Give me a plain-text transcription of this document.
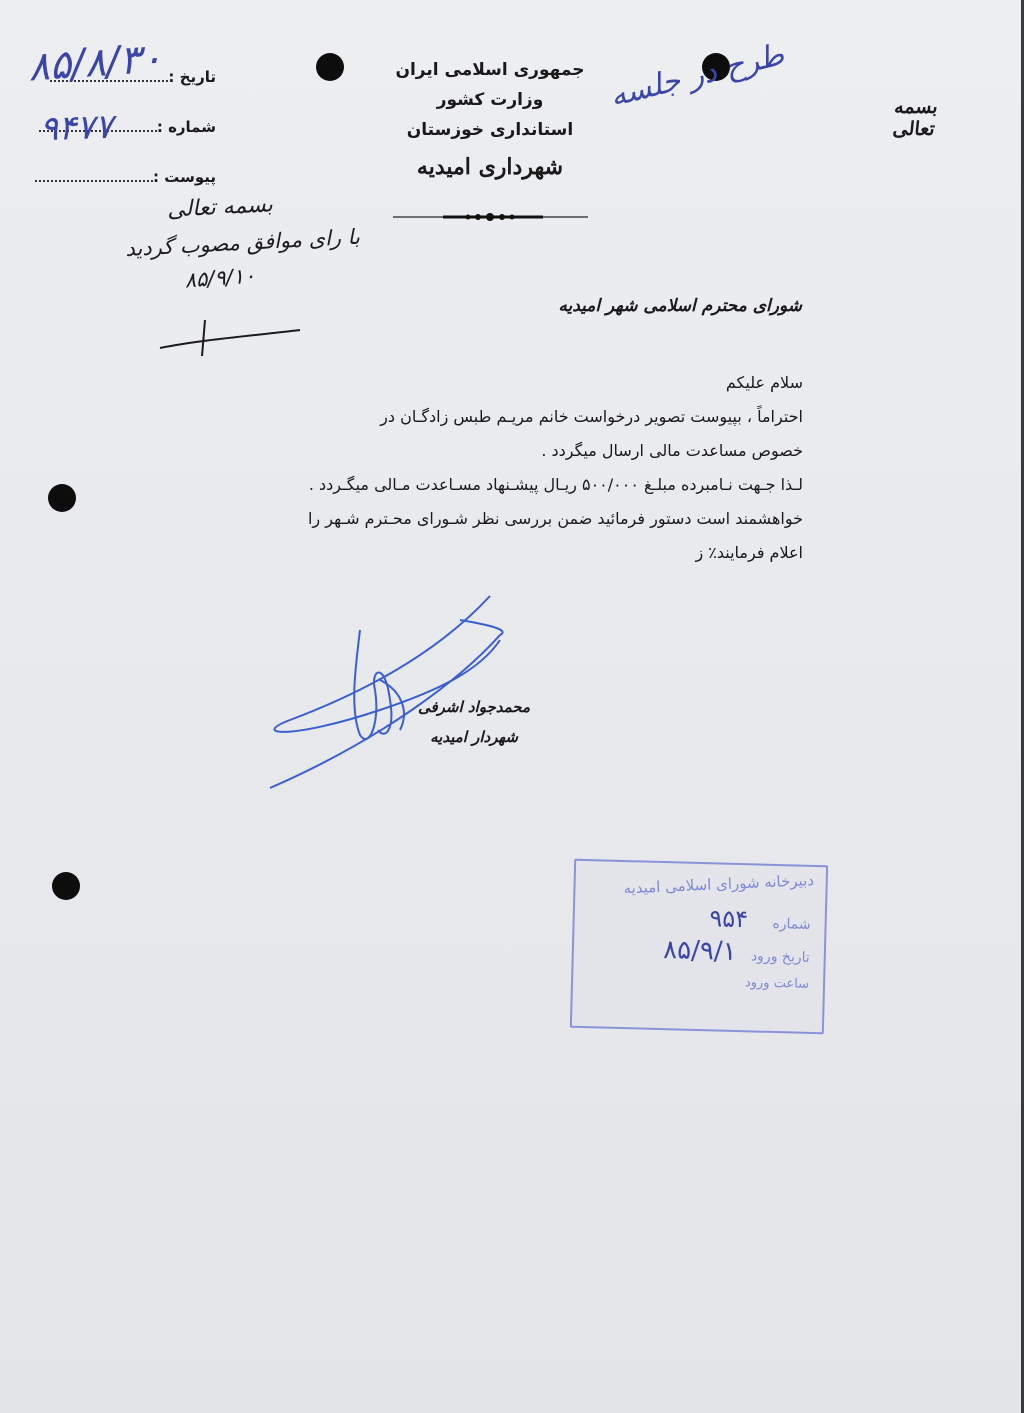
جمهوری اسلامی ایران
وزارت کشور
استانداری خوزستان
شهرداری امیدیه
بسمه تعالی
تاریخ :
شماره :
پیوست :
۸۵/۸/۳۰
۹۴۷۷
طرح در جلسه
بسمه تعالی
با رای موافق مصوب گردید
۸۵/۹/۱۰
شورای محترم اسلامی شهر امیدیه

سلام علیکم

احتراماً ، بپیوست تصویر درخواست خانم مریـم طبس زادگـان در

خصوص مساعدت مالی ارسال میگردد .

لـذا جـهت نـامبرده مبلـغ ۵۰۰/۰۰۰ ریـال پیشـنهاد مسـاعدت مـالی میگـردد .

خواهشمند است دستور فرمائید ضمن بررسی نظر شـورای محـترم شـهر را

اعلام فرمایند٪ ز

محمدجواد اشرفی
شهردار امیدیه
دبیرخانه شورای اسلامی امیدیه
شماره ۹۵۴
تاریخ ورود ۸۵/۹/۱
ساعت ورود
